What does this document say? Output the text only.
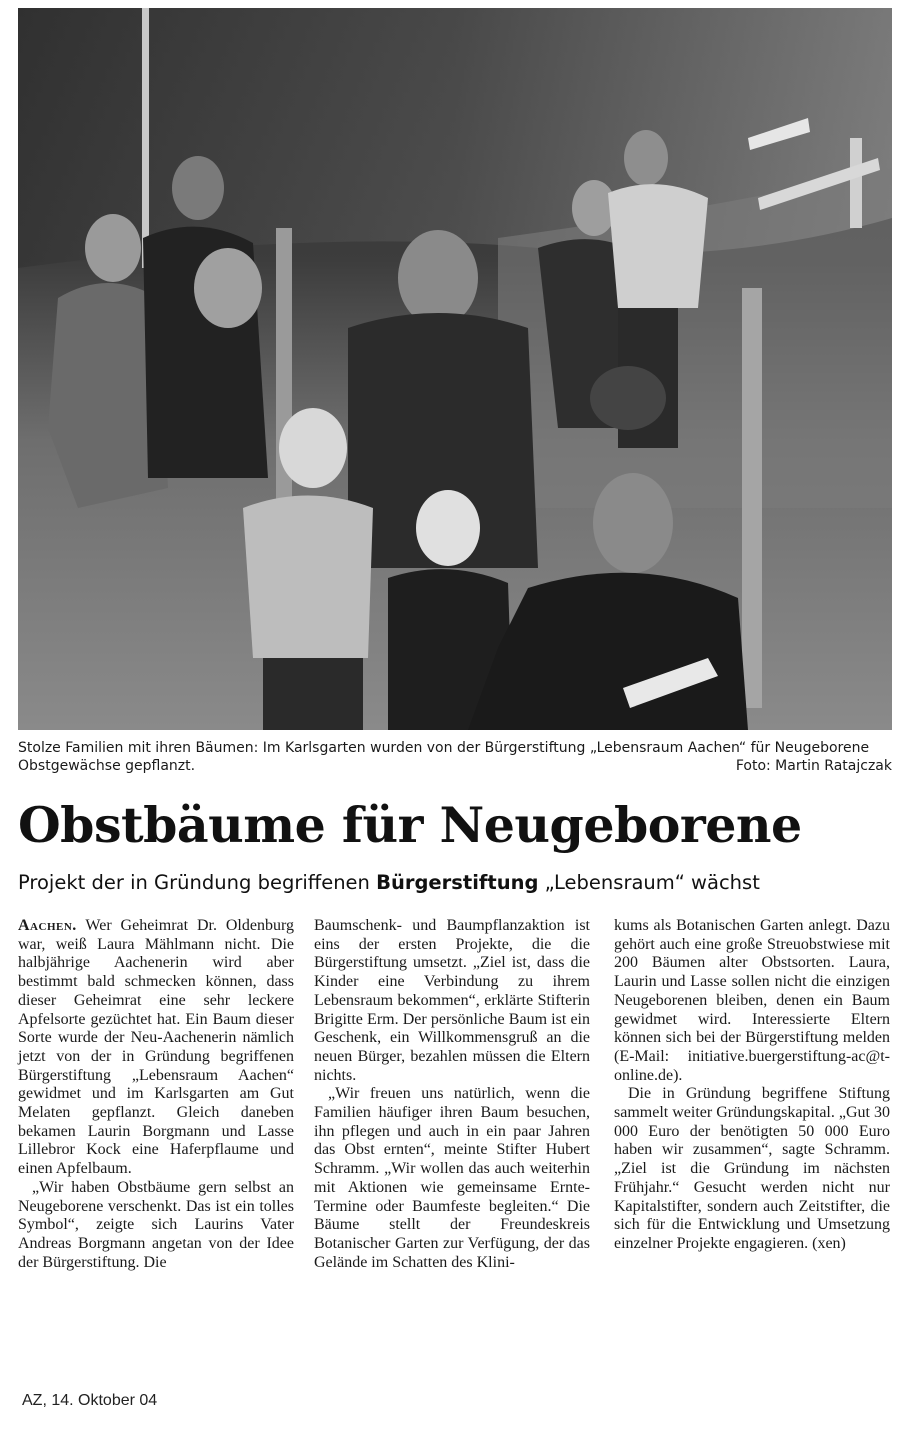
Stolze Familien mit ihren Bäumen: Im Karlsgarten wurden von der Bürgerstiftung „Lebensraum Aachen“ für Neugeborene Obstgewächse gepflanzt.	Foto: Martin Ratajczak
Obstbäume für Neugeborene
Projekt der in Gründung begriffenen Bürgerstiftung „Lebensraum“ wächst

Aachen. Wer Geheimrat Dr. Oldenburg war, weiß Laura Mählmann nicht. Die halbjährige Aachenerin wird aber bestimmt bald schmecken können, dass dieser Geheimrat eine sehr leckere Apfelsorte gezüchtet hat. Ein Baum dieser Sorte wurde der Neu-Aachenerin nämlich jetzt von der in Gründung begriffenen Bürgerstiftung „Lebensraum Aachen“ gewidmet und im Karlsgarten am Gut Melaten gepflanzt. Gleich daneben bekamen Laurin Borgmann und Lasse Lillebror Kock eine Haferpflaume und einen Apfelbaum.

„Wir haben Obstbäume gern selbst an Neugeborene verschenkt. Das ist ein tolles Symbol“, zeigte sich Laurins Vater Andreas Borgmann angetan von der Idee der Bürgerstiftung. Die

Baumschenk- und Baumpflanzaktion ist eins der ersten Projekte, die die Bürgerstiftung umsetzt. „Ziel ist, dass die Kinder eine Verbindung zu ihrem Lebensraum bekommen“, erklärte Stifterin Brigitte Erm. Der persönliche Baum ist ein Geschenk, ein Willkommensgruß an die neuen Bürger, bezahlen müssen die Eltern nichts.

„Wir freuen uns natürlich, wenn die Familien häufiger ihren Baum besuchen, ihn pflegen und auch in ein paar Jahren das Obst ernten“, meinte Stifter Hubert Schramm. „Wir wollen das auch weiterhin mit Aktionen wie gemeinsame Ernte-Termine oder Baumfeste begleiten.“ Die Bäume stellt der Freundeskreis Botanischer Garten zur Verfügung, der das Gelände im Schatten des Klini-

kums als Botanischen Garten anlegt. Dazu gehört auch eine große Streuobstwiese mit 200 Bäumen alter Obstsorten. Laura, Laurin und Lasse sollen nicht die einzigen Neugeborenen bleiben, denen ein Baum gewidmet wird. Interessierte Eltern können sich bei der Bürgerstiftung melden (E-Mail: initiative.buergerstiftung-ac@t-online.de).

Die in Gründung begriffene Stiftung sammelt weiter Gründungskapital. „Gut 30 000 Euro der benötigten 50 000 Euro haben wir zusammen“, sagte Schramm. „Ziel ist die Gründung im nächsten Frühjahr.“ Gesucht werden nicht nur Kapitalstifter, sondern auch Zeitstifter, die sich für die Entwicklung und Umsetzung einzelner Projekte engagieren. (xen)

AZ, 14. Oktober 04
